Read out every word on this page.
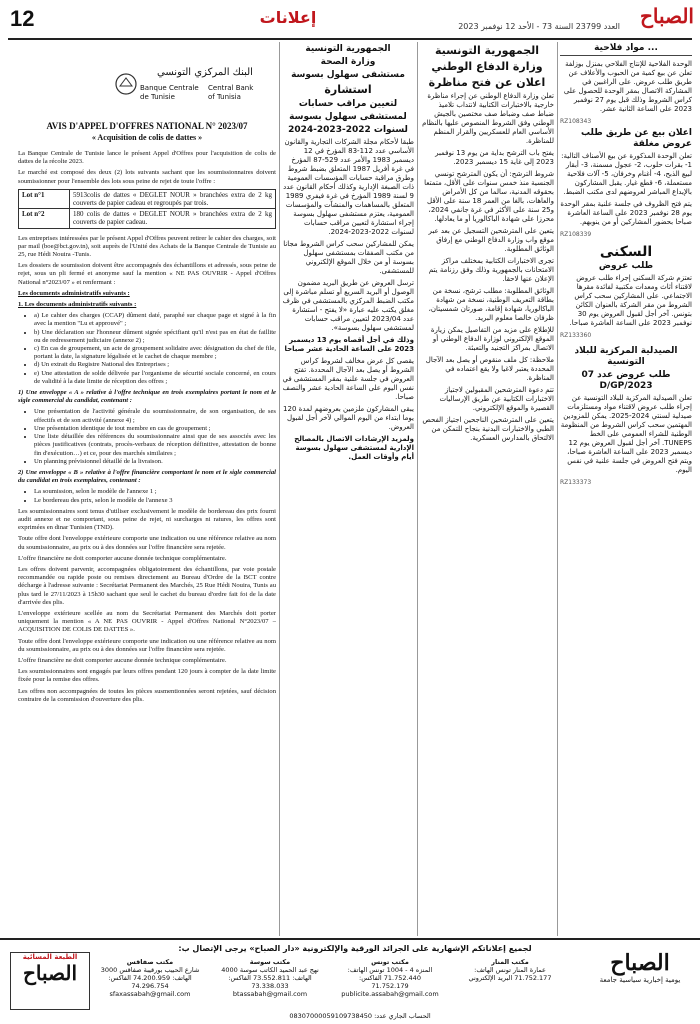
12	إعلانات	العدد 23799 السنة 73 - الأحد 12 نوفمبر 2023 الصباح
البنك المركزي التونسي
Banque Centrale
de Tunisie
Central Bank
of Tunisia
AVIS D'APPEL D'OFFRES NATIONAL N° 2023/07
« Acquisition de colis de dattes »

La Banque Centrale de Tunisie lance le présent Appel d'Offres pour l'acquisition de colis de dattes de la récolte 2023.

Le marché est composé des deux (2) lots suivants sachant que les soumissionnaires doivent soumissionner pour l'ensemble des lots sous peine de rejet de toute l'offre :

Lot n°1	5913colis de dattes « DEGLET NOUR » branchées extra de 2 kg couverts de papier cadeau et regroupés par trois.
Lot n°2	180 colis de dattes « DEGLET NOUR » branchées extra de 2 kg couverts de papier cadeau.

Les entreprises intéressées par le présent Appel d'Offres peuvent retirer le cahier des charges, soit par mail (boe@bct.gov.tn), soit auprès de l'Unité des Achats de la Banque Centrale de Tunisie au 25, rue Hédi Nouira -Tunis.

Les dossiers de soumission doivent être accompagnés des échantillons et adressés, sous peine de rejet, sous un pli fermé et anonyme sauf la mention « NE PAS OUVRIR - Appel d'Offres National n°2023/07 » et renfermant :

Les documents administratifs suivants :

1. Les documents administratifs suivants :

• a) Le cahier des charges (CCAP) dûment daté, paraphé sur chaque page et signé à la fin avec la mention "Lu et approuvé" ;
• b) Une déclaration sur l'honneur dûment signée spécifiant qu'il n'est pas en état de faillite ou de redressement judiciaire (annexe 2) ;
• c) En cas de groupement, un acte de groupement solidaire avec désignation du chef de file, portant la date, la signature légalisée et le cachet de chaque membre ;
• d) Un extrait du Registre National des Entreprises ;
• e) Une attestation de solde délivrée par l'organisme de sécurité sociale concerné, en cours de validité à la date limite de réception des offres ;

1) Une enveloppe « A » relative à l'offre technique en trois exemplaires portant le nom et le sigle commercial du candidat, contenant :

• Une présentation de l'activité générale du soumissionnaire, de son organisation, de ses effectifs et de son activité (annexe 4) ;
• Une présentation identique de tout membre en cas de groupement ;
• Une liste détaillée des références du soumissionnaire ainsi que de ses associés avec les pièces justificatives (contrats, procès-verbaux de réception définitive, attestation de bonne fin d'exécution…) et ce, pour des marchés similaires ;
• Un planning prévisionnel détaillé de la livraison.

2) Une enveloppe « B » relative à l'offre financière comportant le nom et le sigle commercial du candidat en trois exemplaires, contenant :

• La soumission, selon le modèle de l'annexe 1 ;
• Le bordereau des prix, selon le modèle de l'annexe 3

Les soumissionnaires sont tenus d'utiliser exclusivement le modèle de bordereau des prix fourni audit annexe et ne comportant, sous peine de rejet, ni surcharges ni ratures, les offres sont exprimées en dinar Tunisien (TND).

Toute offre dont l'enveloppe extérieure comporte une indication ou une référence relative au nom du soumissionnaire, au prix ou à des données sur l'offre financière sera rejetée.

L'offre financière ne doit comporter aucune donnée technique complémentaire.

Les offres doivent parvenir, accompagnées obligatoirement des échantillons, par voie postale recommandée ou rapide poste ou remises directement au Bureau d'Ordre de la BCT contre décharge à l'adresse suivante : Secrétariat Permanent des Marchés, 25 Rue Hédi Nouira, Tunis au plus tard le 27/11/2023 à 15h30 sachant que seul le cachet du bureau d'ordre fait foi de la date d'arrivée des plis.

L'enveloppe extérieure scellée au nom du Secrétariat Permanent des Marchés doit porter uniquement la mention « A NE PAS OUVRIR - Appel d'Offres National N°2023/07 – ACQUISITION DE COLIS DE DATTES ».

Toute offre dont l'enveloppe extérieure comporte une indication ou une référence relative au nom du soumissionnaire, au prix ou à des données sur l'offre financière sera rejetée.

L'offre financière ne doit comporter aucune donnée technique complémentaire.

Les soumissionnaires sont engagés par leurs offres pendant 120 jours à compter de la date limite fixée pour la remise des offres.

Les offres non accompagnées de toutes les pièces susmentionnées seront rejetées, sauf décision contraire de la commission d'ouverture des plis.

الجمهورية التونسية
وزارة الصحة
مستشفى سهلول بسوسة
استشارة
لتعيين مراقب حسابات
لمستشفى سهلول بسوسة
لسنوات 2022-2023-2024

طبقا لأحكام مجلة الشركات التجارية والقانون الأساسي عدد 112-83 المؤرخ في 12 ديسمبر 1983 والأمر عدد 529-87 المؤرخ في غرة أفريل 1987 المتعلق بضبط شروط وطرق مراقبة حسابات المؤسسات العمومية ذات الصبغة الإدارية وكذلك أحكام القانون عدد 9 لسنة 1989 المؤرخ في غرة فيفري 1989 المتعلق بالمساهمات والمنشآت والمؤسسات العمومية، يعتزم مستشفى سهلول بسوسة إجراء استشارة لتعيين مراقب حسابات لسنوات 2022-2023-2024.

يمكن للمشاركين سحب كراس الشروط مجانا من مكتب الصفقات بمستشفى سهلول بسوسة أو من خلال الموقع الإلكتروني للمستشفى.

ترسل العروض عن طريق البريد مضمون الوصول أو البريد السريع أو تسلم مباشرة إلى مكتب الضبط المركزي بالمستشفى في ظرف مغلق يكتب عليه عبارة «لا يفتح - استشارة عدد 2023/04 لتعيين مراقب حسابات لمستشفى سهلول بسوسة».

وذلك في أجل أقصاه يوم 13 ديسمبر 2023 على الساعة الحادية عشر صباحا

يقصى كل عرض مخالف لشروط كراس الشروط أو يصل بعد الآجال المحددة. تفتح العروض في جلسة علنية بمقر المستشفى في نفس اليوم على الساعة الحادية عشر والنصف صباحا.

يبقى المشاركون ملزمين بعروضهم لمدة 120 يوما ابتداء من اليوم الموالي لآخر أجل لقبول العروض.

ولمزيد الإرشادات الاتصال بالمصالح الإدارية لمستشفى سهلول بسوسة أيام وأوقات العمل.

الجمهورية التونسية
وزارة الدفاع الوطني
اعلان عن فتح مناظرة

تعلن وزارة الدفاع الوطني عن إجراء مناظرة خارجية بالاختبارات الكتابية لانتداب تلاميذ ضباط صف وضباط صف مختصين بالجيش الوطني وفق الشروط المنصوص عليها بالنظام الأساسي العام للعسكريين والقرار المنظم للمناظرة.

يفتح باب الترشح بداية من يوم 13 نوفمبر 2023 إلى غاية 15 ديسمبر 2023.

شروط الترشح: أن يكون المترشح تونسي الجنسية منذ خمس سنوات على الأقل، متمتعا بحقوقه المدنية، سالما من كل الأمراض والعاهات، بالغا من العمر 18 سنة على الأقل و25 سنة على الأكثر في غرة جانفي 2024، محرزا على شهادة الباكالوريا أو ما يعادلها.

يتعين على المترشحين التسجيل عن بعد عبر موقع واب وزارة الدفاع الوطني مع إرفاق الوثائق المطلوبة.

تجرى الاختبارات الكتابية بمختلف مراكز الامتحانات بالجمهورية وذلك وفق رزنامة يتم الإعلان عنها لاحقا.

الوثائق المطلوبة: مطلب ترشح، نسخة من بطاقة التعريف الوطنية، نسخة من شهادة الباكالوريا، شهادة إقامة، صورتان شمسيتان، ظرفان خالصا معلوم البريد.

للإطلاع على مزيد من التفاصيل يمكن زيارة الموقع الإلكتروني لوزارة الدفاع الوطني أو الاتصال بمراكز التجنيد والتعبئة.

ملاحظة: كل ملف منقوص أو يصل بعد الآجال المحددة يعتبر لاغيا ولا يقع اعتماده في المناظرة.

تتم دعوة المترشحين المقبولين لاجتياز الاختبارات الكتابية عن طريق الإرساليات القصيرة والموقع الإلكتروني.

يتعين على المترشحين الناجحين اجتياز الفحص الطبي والاختبارات البدنية بنجاح للتمكن من الالتحاق بالمدارس العسكرية.

... مواد فلاحية

الوحدة الفلاحية للإنتاج الفلاحي بمنزل بوزلفة تعلن عن بيع كمية من الحبوب والأعلاف عن طريق طلب عروض. على الراغبين في المشاركة الاتصال بمقر الوحدة للحصول على كراس الشروط وذلك قبل يوم 27 نوفمبر 2023 على الساعة الثانية عشر.

RZ108343
اعلان بيع عن طريق طلب عروض مغلقة

تعلن الوحدة المذكورة عن بيع الأصناف التالية: 1- بقرات حلوب، 2- عجول مسمنة، 3- أبقار لبيع الذبح، 4- أغنام وخرفان، 5- آلات فلاحية مستعملة، 6- قطع غيار. يقبل المشاركون بالإيداع المباشر لعروضهم لدى مكتب الضبط.

يتم فتح الظروف في جلسة علنية بمقر الوحدة يوم 28 نوفمبر 2023 على الساعة العاشرة صباحا بحضور المشاركين أو من ينوبهم.

RZ108339
السكنى
طلب عروض

تعتزم شركة السكنى إجراء طلب عروض لاقتناء أثاث ومعدات مكتبية لفائدة مقرها الاجتماعي. على المشاركين سحب كراس الشروط من مقر الشركة بالعنوان الكائن بتونس. آخر أجل لقبول العروض يوم 30 نوفمبر 2023 على الساعة العاشرة صباحا.

RZ133360
الصيدلية المركزية للبلاد التونسية
طلب عروض عدد 07 D/GP/2023

تعلن الصيدلية المركزية للبلاد التونسية عن إجراء طلب عروض لاقتناء مواد ومستلزمات صيدلية لسنتي 2024-2025. يمكن للمزودين المهتمين سحب كراس الشروط من المنظومة الوطنية للشراء العمومي على الخط TUNEPS. آخر أجل لقبول العروض يوم 12 ديسمبر 2023 على الساعة العاشرة صباحا، ويتم فتح العروض في جلسة علنية في نفس اليوم.

RZ133373
الطبعة المسائية
الصباح
لجميع إعلاناتكم الإشهارية على الجرائد الورقية والإلكترونية «دار الصباح» يرجى الإتصال ب:
مكتب صفاقس
شارع الحبيب بورقيبة صفاقس 3000 الهاتف: 74.200.959 الفاكس: 74.296.754 sfaxassabah@gmail.com
مكتب سوسة
نهج عبد الحميد الكاتب سوسة 4000 الهاتف: 73.552.811 الفاكس: 73.338.033 btassabah@gmail.com
مكتب تونس
المنزه 4 - 1004 تونس الهاتف: 71.752.440 الفاكس: 71.752.179 publicite.assabah@gmail.com
مكتب المنار
عمارة المنار تونس الهاتف: 71.752.177 البريد الإلكتروني
الحساب الجاري عدد: 08307000059109738450
الصباح
يومية إخبارية سياسية جامعة
